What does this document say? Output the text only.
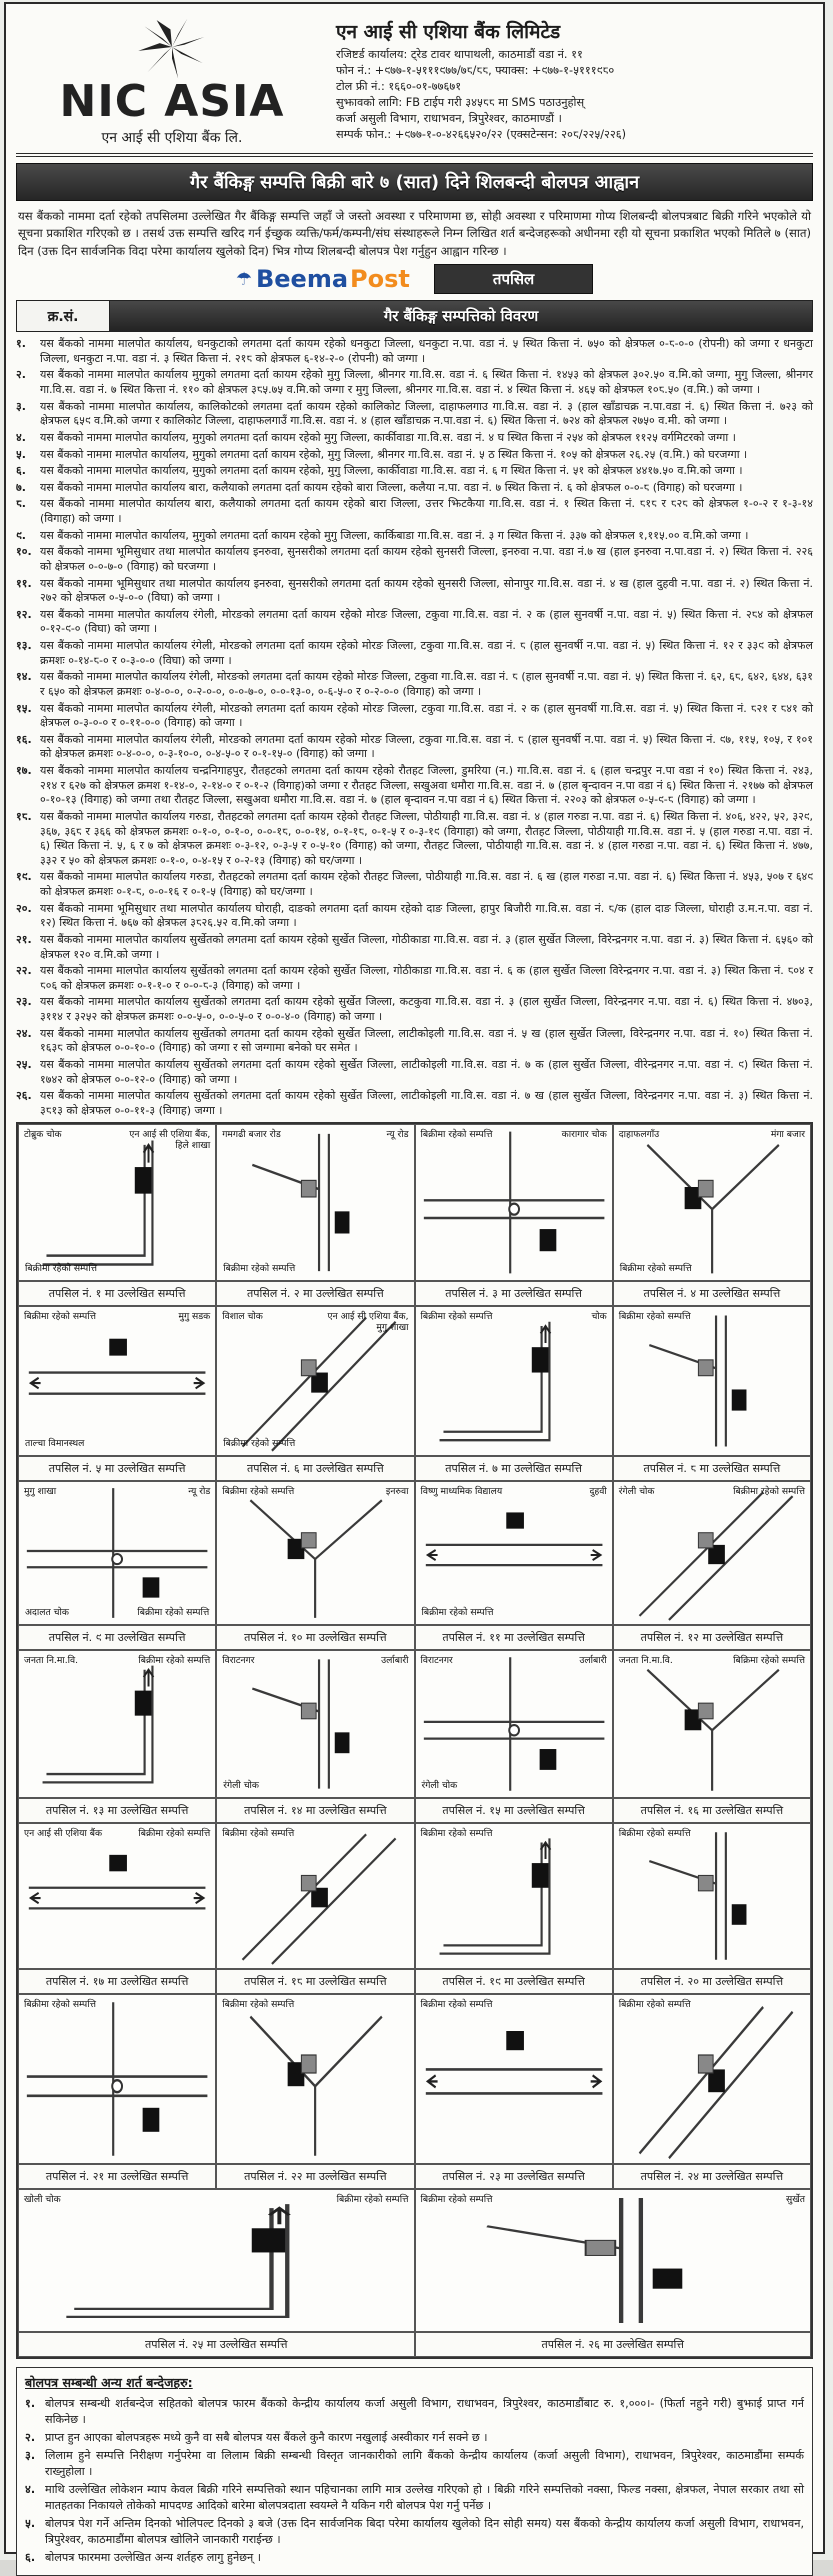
NIC ASIA
एन आई सी एशिया बैंक लि.
एन आई सी एशिया बैंक लिमिटेड
रजिष्टर्ड कार्यालय: ट्रेड टावर थापाथली, काठमाडौं वडा नं. ११
फोन नं.: +९७७-१-५१११९७७/७८/८८, फ्याक्स: +९७७-१-५१११९८०
टोल फ्री नं.: १६६०-०१-७७६७१
सुझावको लागि: FB टाईप गरी ३४५८८ मा SMS पठाउनुहोस्
कर्जा असुली विभाग, राधाभवन, त्रिपुरेश्वर, काठमाण्डौं ।
सम्पर्क फोन.: +९७७-१-०-४२६६५२०/२२ (एक्सटेन्सन: २०८/२२५/२२६)
गैर बैंकिङ्ग सम्पत्ति बिक्री बारे ७ (सात) दिने शिलबन्दी बोलपत्र आह्वान
यस बैंकको नाममा दर्ता रहेको तपसिलमा उल्लेखित गैर बैंकिङ्ग सम्पत्ति जहाँ जे जस्तो अवस्था र परिमाणमा छ, सोही अवस्था र परिमाणमा गोप्य शिलबन्दी बोलपत्रबाट बिक्री गरिने भएकोले यो सूचना प्रकाशित गरिएको छ । तसर्थ उक्त सम्पत्ति खरिद गर्न ईच्छुक व्यक्ति/फर्म/कम्पनी/संघ संस्थाहरूले निम्न लिखित शर्त बन्देजहरूको अधीनमा रही यो सूचना प्रकाशित भएको मितिले ७ (सात) दिन (उक्त दिन सार्वजनिक विदा परेमा कार्यालय खुलेको दिन) भित्र गोप्य शिलबन्दी बोलपत्र पेश गर्नुहुन आह्वान गरिन्छ ।
☂ Beema Post	तपसिल
क्र.सं.	गैर बैंकिङ्ग सम्पत्तिको विवरण
१.	यस बैंकको नाममा मालपोत कार्यालय, धनकुटाको लगतमा दर्ता कायम रहेको धनकुटा जिल्ला, धनकुटा न.पा. वडा नं. ५ स्थित कित्ता नं. ७५० को क्षेत्रफल ०-८-०-० (रोपनी) को जग्गा र धनकुटा जिल्ला, धनकुटा न.पा. वडा नं. ३ स्थित कित्ता नं. २१८ को क्षेत्रफल ६-१४-२-० (रोपनी) को जग्गा ।
२.	यस बैंकको नाममा मालपोत कार्यालय मुगुको लगतमा दर्ता कायम रहेको मुगु जिल्ला, श्रीनगर गा.वि.स. वडा नं. ६ स्थित कित्ता नं. १४५३ को क्षेत्रफल ३०२.५० व.मि.को जग्गा, मुगु जिल्ला, श्रीनगर गा.वि.स. वडा नं. ७ स्थित कित्ता नं. ११० को क्षेत्रफल ३८५.७५ व.मि.को जग्गा र मुगु जिल्ला, श्रीनगर गा.वि.स. वडा नं. ४ स्थित कित्ता नं. ४६५ को क्षेत्रफल १०८.५० (व.मि.) को जग्गा ।
३.	यस बैंकको नाममा मालपोत कार्यालय, कालिकोटको लगतमा दर्ता कायम रहेको कालिकोट जिल्ला, दाहाफलगाउ गा.वि.स. वडा नं. ३ (हाल खाँडाचक्र न.पा.वडा नं. ६) स्थित कित्ता नं. ७२३ को क्षेत्रफल ६५९ व.मि.को जग्गा र कालिकोट जिल्ला, दाहाफलगाउँ गा.वि.स. वडा नं. ४ (हाल खाँडाचक्र न.पा.वडा नं. ६) स्थित कित्ता नं. ७२४ को क्षेत्रफल २७५० व.मी. को जग्गा ।
४.	यस बैंकको नाममा मालपोत कार्यालय, मुगुको लगतमा दर्ता कायम रहेको मुगु जिल्ला, कार्कीवाडा गा.वि.स. वडा नं. ४ घ स्थित कित्ता नं २५४ को क्षेत्रफल ११२५ वर्गमिटरको जग्गा ।
५.	यस बैंकको नाममा मालपोत कार्यालय, मुगुको लगतमा दर्ता कायम रहेको, मुगु जिल्ला, श्रीनगर गा.वि.स. वडा नं. ५ ठ स्थित कित्ता नं. १०५ को क्षेत्रफल २६.२५ (व.मि.) को घरजग्गा ।
६.	यस बैंकको नाममा मालपोत कार्यालय, मुगुको लगतमा दर्ता कायम रहेको, मुगु जिल्ला, कार्कीवाडा गा.वि.स. वडा नं. ६ ग स्थित कित्ता नं. ५१ को क्षेत्रफल ४४१७.५० व.मि.को जग्गा ।
७.	यस बैंकको नाममा मालपोत कार्यालय बारा, कलैयाको लगतमा दर्ता कायम रहेको बारा जिल्ला, कलैया न.पा. वडा नं. ७ स्थित कित्ता नं. ६ को क्षेत्रफल ०-०-८ (विगाह) को घरजग्गा ।
८.	यस बैंकको नाममा मालपोत कार्यालय बारा, कलैयाको लगतमा दर्ता कायम रहेको बारा जिल्ला, उत्तर झिटकैया गा.वि.स. वडा नं. १ स्थित कित्ता नं. ८१८ र ८२८ को क्षेत्रफल १-०-२ र १-३-१४ (विगाहा) को जग्गा ।
९.	यस बैंकको नाममा मालपोत कार्यालय, मुगुको लगतमा दर्ता कायम रहेको मुगु जिल्ला, कार्किबाडा गा.वि.स. वडा नं. ३ ग स्थित कित्ता नं. ३३७ को क्षेत्रफल १,११५.०० व.मि.को जग्गा ।
१०. यस बैंकको नाममा भूमिसुधार तथा मालपोत कार्यालय इनरुवा, सुनसरीको लगतमा दर्ता कायम रहेको सुनसरी जिल्ला, इनरुवा न.पा. वडा नं.७ ख (हाल इनरुवा न.पा.वडा नं. २) स्थित कित्ता नं. २२६ को क्षेत्रफल ०-०-७-० (विगाह) को घरजग्गा ।
११. यस बैंकको नाममा भूमिसुधार तथा मालपोत कार्यालय इनरुवा, सुनसरीको लगतमा दर्ता कायम रहेको सुनसरी जिल्ला, सोनापुर गा.वि.स. वडा नं. ४ ख (हाल दुहवी न.पा. वडा नं. २) स्थित कित्ता नं. २७२ को क्षेत्रफल ०-५-०-० (विघा) को जग्गा ।
१२. यस बैंकको नाममा मालपोत कार्यालय रंगेली, मोरङको लगतमा दर्ता कायम रहेको मोरङ जिल्ला, टकुवा गा.वि.स. वडा नं. २ क (हाल सुनवर्षी न.पा. वडा नं. ५) स्थित कित्ता नं. २८४ को क्षेत्रफल ०-१२-९-० (विघा) को जग्गा ।
१३. यस बैंकको नाममा मालपोत कार्यालय रंगेली, मोरङको लगतमा दर्ता कायम रहेको मोरङ जिल्ला, टकुवा गा.वि.स. वडा नं. ८ (हाल सुनवर्षी न.पा. वडा नं. ५) स्थित कित्ता नं. १२ र ३३९ को क्षेत्रफल क्रमशः ०-१४-८-० र ०-३-०-० (विघा) को जग्गा ।
१४. यस बैंकको नाममा मालपोत कार्यालय रंगेली, मोरङको लगतमा दर्ता कायम रहेको मोरङ जिल्ला, टकुवा गा.वि.स. वडा नं. ८ (हाल सुनवर्षी न.पा. वडा नं. ५) स्थित कित्ता नं. ६२, ६८, ६४२, ६४४, ६३१ र ६५० को क्षेत्रफल क्रमशः ०-४-०-०, ०-२-०-०, ०-०-७-०, ०-०-१३-०, ०-६-५-० र ०-२-०-० (विगाह) को जग्गा ।
१५. यस बैंकको नाममा मालपोत कार्यालय रंगेली, मोरङको लगतमा दर्ता कायम रहेको मोरङ जिल्ला, टकुवा गा.वि.स. वडा नं. २ क (हाल सुनवर्षी गा.वि.स. वडा नं. ५) स्थित कित्ता नं. ८२१ र ८४१ को क्षेत्रफल ०-३-०-० र ०-११-०-० (विगाह) को जग्गा ।
१६. यस बैंकको नाममा मालपोत कार्यालय रंगेली, मोरङको लगतमा दर्ता कायम रहेको मोरङ जिल्ला, टकुवा गा.वि.स. वडा नं. ८ (हाल सुनवर्षी न.पा. वडा नं. ५) स्थित कित्ता नं. ९७, ११५, १०५, र १०१ को क्षेत्रफल क्रमशः ०-४-०-०, ०-३-१०-०, ०-४-५-० र ०-१-१५-० (विगाह) को जग्गा ।
१७. यस बैंकको नाममा मालपोत कार्यालय चन्द्रनिगाहपुर, रौतहटको लगतमा दर्ता कायम रहेको रौतहट जिल्ला, डुमरिया (न.) गा.वि.स. वडा नं. ६ (हाल चन्द्रपुर न.पा वडा नं १०) स्थित कित्ता नं. २४३, २१४ र ६२७ को क्षेत्रफल क्रमश १-१४-०, २-१४-० र ०-१-२ (विगाह)को जग्गा र रौतहट जिल्ला, सखुअवा धमौरा गा.वि.स. वडा नं. ७ (हाल बृन्दावन न.पा वडा नं ६) स्थित कित्ता नं. २१७७ को क्षेत्रफल ०-१०-१३ (विगाह) को जग्गा तथा रौतहट जिल्ला, सखुअवा धमौरा गा.वि.स. वडा नं. ७ (हाल बृन्दावन न.पा वडा नं ६) स्थित कित्ता नं. २२०३ को क्षेत्रफल ०-५-९-८ (विगाह) को जग्गा ।
१८. यस बैंकको नाममा मालपोत कार्यालय गरुडा, रौतहटको लगतमा दर्ता कायम रहेको रौतहट जिल्ला, पोठीयाही गा.वि.स. वडा नं. ४ (हाल गरुडा न.पा. वडा नं. ६) स्थित कित्ता नं. ४०६, ४२२, ५२, ३२९, ३६७, ३६८ र ३६६ को क्षेत्रफल क्रमशः ०-१-०, ०-१-०, ०-०-१८, ०-०-१४, ०-१-१८, ०-१-५ र ०-३-१९ (विगाहा) को जग्गा, रौतहट जिल्ला, पोठीयाही गा.वि.स. वडा नं. ५ (हाल गरुडा न.पा. वडा नं. ६) स्थित कित्ता नं. ५, ६ र ७ को क्षेत्रफल क्रमशः ०-३-१२, ०-३-५ र ०-५-१० (विगाह) को जग्गा, रौतहट जिल्ला, पोठीयाही गा.वि.स. वडा नं. ४ (हाल गरुडा न.पा. वडा नं. ६) स्थित कित्ता नं. ४७७, ३३२ र ५० को क्षेत्रफल क्रमशः ०-१-०, ०-४-१५ र ०-२-१३ (विगाह) को घर/जग्गा ।
१९. यस बैंकको नाममा मालपोत कार्यालय गरुडा, रौतहटको लगतमा दर्ता कायम रहेको रौतहट जिल्ला, पोठीयाही गा.वि.स. वडा नं. ६ ख (हाल गरुडा न.पा. वडा नं. ६) स्थित कित्ता नं. ४५३, ५०७ र ६४९ को क्षेत्रफल क्रमशः ०-१-८, ०-०-१६ र ०-१-५ (विगाह) को घर/जग्गा ।
२०. यस बैंकको नाममा भूमिसुधार तथा मालपोत कार्यालय घोराही, दाङको लगतमा दर्ता कायम रहेको दाङ जिल्ला, हापुर बिजौरी गा.वि.स. वडा नं. ८/क (हाल दाङ जिल्ला, घोराही उ.म.न.पा. वडा नं. १२) स्थित कित्ता नं. ७६७ को क्षेत्रफल ३८२६.५२ व.मि.को जग्गा ।
२१. यस बैंकको नाममा मालपोत कार्यालय सुर्खेतको लगतमा दर्ता कायम रहेको सुर्खेत जिल्ला, गोठीकाडा गा.वि.स. वडा नं. ३ (हाल सुर्खेत जिल्ला, विरेन्द्रनगर न.पा. वडा नं. ३) स्थित कित्ता नं. ६५६० को क्षेत्रफल १२० व.मि.को जग्गा ।
२२. यस बैंकको नाममा मालपोत कार्यालय सुर्खेतको लगतमा दर्ता कायम रहेको सुर्खेत जिल्ला, गोठीकाडा गा.वि.स. वडा नं. ६ क (हाल सुर्खेत जिल्ला विरेन्द्रनगर न.पा. वडा नं. ३) स्थित कित्ता नं. ८०४ र ८०६ को क्षेत्रफल क्रमशः ०-१-१-० र ०-०-८-३ (विगाह) को जग्गा ।
२३. यस बैंकको नाममा मालपोत कार्यालय सुर्खेतको लगतमा दर्ता कायम रहेको सुर्खेत जिल्ला, कटकुवा गा.वि.स. वडा नं. ३ (हाल सुर्खेत जिल्ला, विरेन्द्रनगर न.पा. वडा नं. ६) स्थित कित्ता नं. ४७०३, ३११४ र ३२५२ को क्षेत्रफल क्रमशः ०-०-५-०, ०-०-५-० र ०-०-४-० (विगाह) को जग्गा ।
२४. यस बैंकको नाममा मालपोत कार्यालय सुर्खेतको लगतमा दर्ता कायम रहेको सुर्खेत जिल्ला, लाटीकोइली गा.वि.स. वडा नं. ५ ख (हाल सुर्खेत जिल्ला, विरेन्द्रनगर न.पा. वडा नं. १०) स्थित कित्ता नं. १६३८ को क्षेत्रफल ०-०-१०-० (विगाह) को जग्गा र सो जग्गामा बनेको घर समेत ।
२५. यस बैंकको नाममा मालपोत कार्यालय सुर्खेतको लगतमा दर्ता कायम रहेको सुर्खेत जिल्ला, लाटीकोइली गा.वि.स. वडा नं. ७ क (हाल सुर्खेत जिल्ला, वीरेन्द्रनगर न.पा. वडा नं. ९) स्थित कित्ता नं. १७४२ को क्षेत्रफल ०-०-१२-० (विगाह) को जग्गा ।
२६. यस बैंकको नाममा मालपोत कार्यालय सुर्खेतको लगतमा दर्ता कायम रहेको सुर्खेत जिल्ला, लाटीकोइली गा.वि.स. वडा नं. ७ ख (हाल सुर्खेत जिल्ला, विरेन्द्रनगर न.पा. वडा नं. ३) स्थित कित्ता नं. ३८१३ को क्षेत्रफल ०-०-११-३ (विगाह) जग्गा ।
टोब्रुक चोक	एन आई सी एशिया बैंक, हिले शाखा
बिक्रीमा रहेको सम्पत्ति
गमगढी बजार रोड	न्यू रोड
बिक्रीमा रहेको सम्पत्ति
बिक्रीमा रहेको सम्पत्ति	कारागार चोक दाहाफलगाँउ	मंगा बजार
बिक्रीमा रहेको सम्पत्ति
तपसिल नं. १ मा उल्लेखित सम्पत्ति	तपसिल नं. २ मा उल्लेखित सम्पत्ति	तपसिल नं. ३ मा उल्लेखित सम्पत्ति	तपसिल नं. ४ मा उल्लेखित सम्पत्ति
बिक्रीमा रहेको सम्पत्ति	मुगु सडक
ताल्चा विमानस्थल
विशाल चोक	एन आई सी एशिया बैंक, मुगु शाखा
बिक्रीमा रहेको सम्पत्ति
बिक्रीमा रहेको सम्पत्ति	चोक बिक्रीमा रहेको सम्पत्ति
तपसिल नं. ५ मा उल्लेखित सम्पत्ति	तपसिल नं. ६ मा उल्लेखित सम्पत्ति	तपसिल नं. ७ मा उल्लेखित सम्पत्ति	तपसिल नं. ८ मा उल्लेखित सम्पत्ति
मुगु शाखा	न्यू रोड
अदालत चोक	बिक्रीमा रहेको सम्पत्ति
बिक्रीमा रहेको सम्पत्ति	इनरुवा विष्णु माध्यमिक विद्यालय	दुहवी
बिक्रीमा रहेको सम्पत्ति
रंगेली चोक	बिक्रीमा रहेको सम्पत्ति
तपसिल नं. ९ मा उल्लेखित सम्पत्ति	तपसिल नं. १० मा उल्लेखित सम्पत्ति	तपसिल नं. ११ मा उल्लेखित सम्पत्ति	तपसिल नं. १२ मा उल्लेखित सम्पत्ति
जनता नि.मा.वि.	बिक्रीमा रहेको सम्पत्ति विराटनगर	उर्लाबारी
रंगेली चोक
विराटनगर	उर्लाबारी
रंगेली चोक
जनता नि.मा.वि.	बिक्रिमा रहेको सम्पत्ति
तपसिल नं. १३ मा उल्लेखित सम्पत्ति	तपसिल नं. १४ मा उल्लेखित सम्पत्ति	तपसिल नं. १५ मा उल्लेखित सम्पत्ति	तपसिल नं. १६ मा उल्लेखित सम्पत्ति
एन आई सी एशिया बैंक	बिक्रीमा रहेको सम्पत्ति बिक्रीमा रहेको सम्पत्ति	बिक्रीमा रहेको सम्पत्ति	बिक्रीमा रहेको सम्पत्ति
तपसिल नं. १७ मा उल्लेखित सम्पत्ति	तपसिल नं. १८ मा उल्लेखित सम्पत्ति	तपसिल नं. १९ मा उल्लेखित सम्पत्ति	तपसिल नं. २० मा उल्लेखित सम्पत्ति
बिक्रीमा रहेको सम्पत्ति	बिक्रीमा रहेको सम्पत्ति	बिक्रीमा रहेको सम्पत्ति	बिक्रीमा रहेको सम्पत्ति
तपसिल नं. २१ मा उल्लेखित सम्पत्ति	तपसिल नं. २२ मा उल्लेखित सम्पत्ति	तपसिल नं. २३ मा उल्लेखित सम्पत्ति	तपसिल नं. २४ मा उल्लेखित सम्पत्ति
खोली चोक	बिक्रीमा रहेको सम्पत्ति बिक्रीमा रहेको सम्पत्ति	सुर्खेत
तपसिल नं. २५ मा उल्लेखित सम्पत्ति	तपसिल नं. २६ मा उल्लेखित सम्पत्ति
बोलपत्र सम्बन्धी अन्य शर्त बन्देजहरु:
१. बोलपत्र सम्बन्धी शर्तबन्देज सहितको बोलपत्र फारम बैंकको केन्द्रीय कार्यालय कर्जा असुली विभाग, राधाभवन, त्रिपुरेश्वर, काठमाडौंबाट रु. १,०००।- (फिर्ता नहुने गरी) बुझाई प्राप्त गर्न सकिनेछ ।
२. प्राप्त हुन आएका बोलपत्रहरू मध्ये कुनै वा सबै बोलपत्र यस बैंकले कुनै कारण नखुलाई अस्वीकार गर्न सक्ने छ ।
३. लिलाम हुने सम्पत्ति निरीक्षण गर्नुपरेमा वा लिलाम बिक्री सम्बन्धी विस्तृत जानकारीको लागि बैंकको केन्द्रीय कार्यालय (कर्जा असुली विभाग), राधाभवन, त्रिपुरेश्वर, काठमाडौंमा सम्पर्क राख्नुहोला ।
४. माथि उल्लेखित लोकेशन म्याप केवल बिक्री गरिने सम्पत्तिको स्थान पहिचानका लागि मात्र उल्लेख गरिएको हो । बिक्री गरिने सम्पत्तिको नक्सा, फिल्ड नक्सा, क्षेत्रफल, नेपाल सरकार तथा सो मातहतका निकायले तोकेको मापदण्ड आदिको बारेमा बोलपत्रदाता स्वयम्ले नै यकिन गरी बोलपत्र पेश गर्नु पर्नेछ ।
५. बोलपत्र पेश गर्ने अन्तिम दिनको भोलिपल्ट दिनको ३ बजे (उक्त दिन सार्वजनिक बिदा परेमा कार्यालय खुलेको दिन सोही समय) यस बैंकको केन्द्रीय कार्यालय कर्जा असुली विभाग, राधाभवन, त्रिपुरेश्वर, काठमाडौंमा बोलपत्र खोलिने जानकारी गराईन्छ ।
६. बोलपत्र फारममा उल्लेखित अन्य शर्तहरु लागु हुनेछन् ।
